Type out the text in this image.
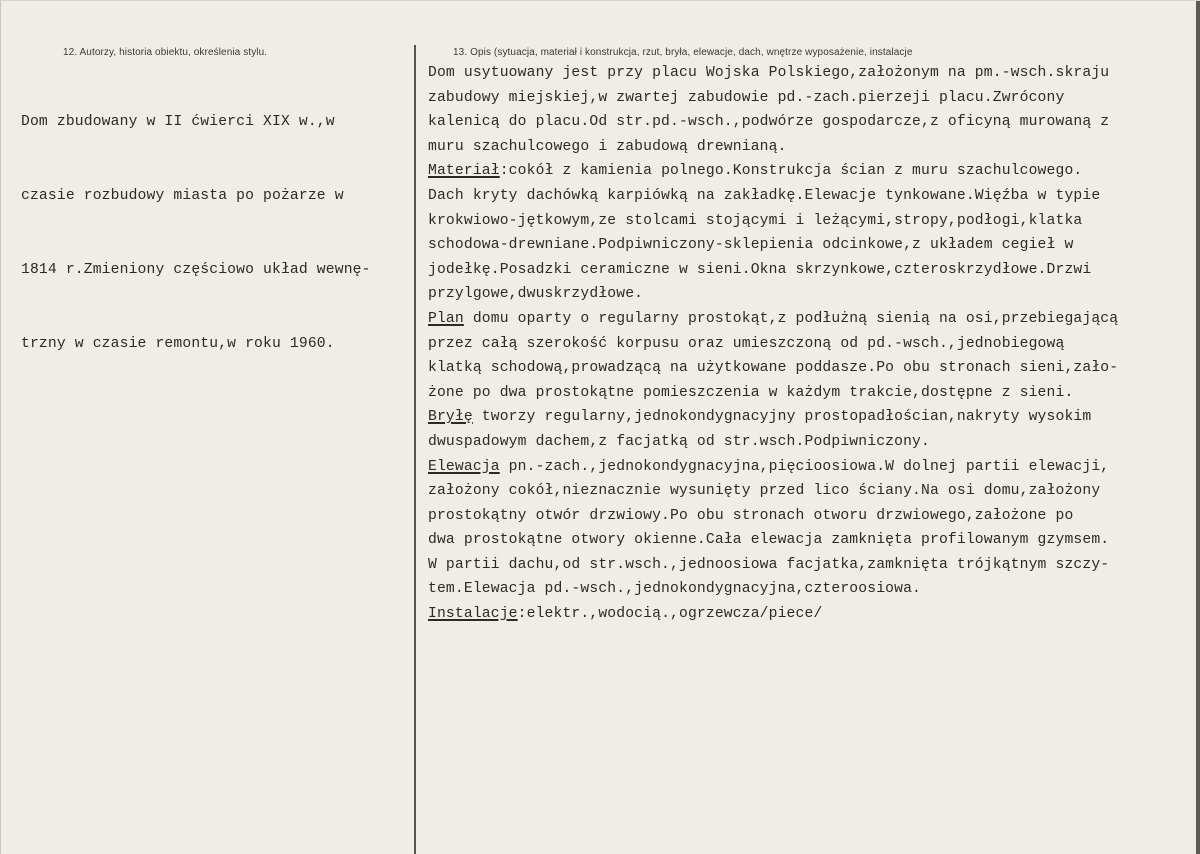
12. Autorzy, historia obiektu, określenia stylu.	13. Opis (sytuacja, materiał i konstrukcja, rzut, bryła, elewacje, dach, wnętrze wyposażenie, instalacje

Dom zbudowany w II ćwierci XIX w.,w

czasie rozbudowy miasta po pożarze w

1814 r.Zmieniony częściowo układ wewnę-

trzny w czasie remontu,w roku 1960.

Dom usytuowany jest przy placu Wojska Polskiego,założonym na pm.-wsch.skraju
zabudowy miejskiej,w zwartej zabudowie pd.-zach.pierzeji placu.Zwrócony
kalenicą do placu.Od str.pd.-wsch.,podwórze gospodarcze,z oficyną murowaną z
muru szachulcowego i zabudową drewnianą.
Materiał:cokół z kamienia polnego.Konstrukcja ścian z muru szachulcowego.
Dach kryty dachówką karpiówką na zakładkę.Elewacje tynkowane.Więźba w typie
krokwiowo-jętkowym,ze stolcami stojącymi i leżącymi,stropy,podłogi,klatka
schodowa-drewniane.Podpiwniczony-sklepienia odcinkowe,z układem cegieł w
jodełkę.Posadzki ceramiczne w sieni.Okna skrzynkowe,czteroskrzydłowe.Drzwi
przylgowe,dwuskrzydłowe.
Plan domu oparty o regularny prostokąt,z podłużną sienią na osi,przebiegającą
przez całą szerokość korpusu oraz umieszczoną od pd.-wsch.,jednobiegową
klatką schodową,prowadzącą na użytkowane poddasze.Po obu stronach sieni,zało-
żone po dwa prostokątne pomieszczenia w każdym trakcie,dostępne z sieni.
Bryłę tworzy regularny,jednokondygnacyjny prostopadłościan,nakryty wysokim
dwuspadowym dachem,z facjatką od str.wsch.Podpiwniczony.
Elewacja pn.-zach.,jednokondygnacyjna,pięcioosiowa.W dolnej partii elewacji,
założony cokół,nieznacznie wysunięty przed lico ściany.Na osi domu,założony
prostokątny otwór drzwiowy.Po obu stronach otworu drzwiowego,założone po
dwa prostokątne otwory okienne.Cała elewacja zamknięta profilowanym gzymsem.
W partii dachu,od str.wsch.,jednoosiowa facjatka,zamknięta trójkątnym szczy-
tem.Elewacja pd.-wsch.,jednokondygnacyjna,czteroosiowa.
Instalacje:elektr.,wodocią.,ogrzewcza/piece/
